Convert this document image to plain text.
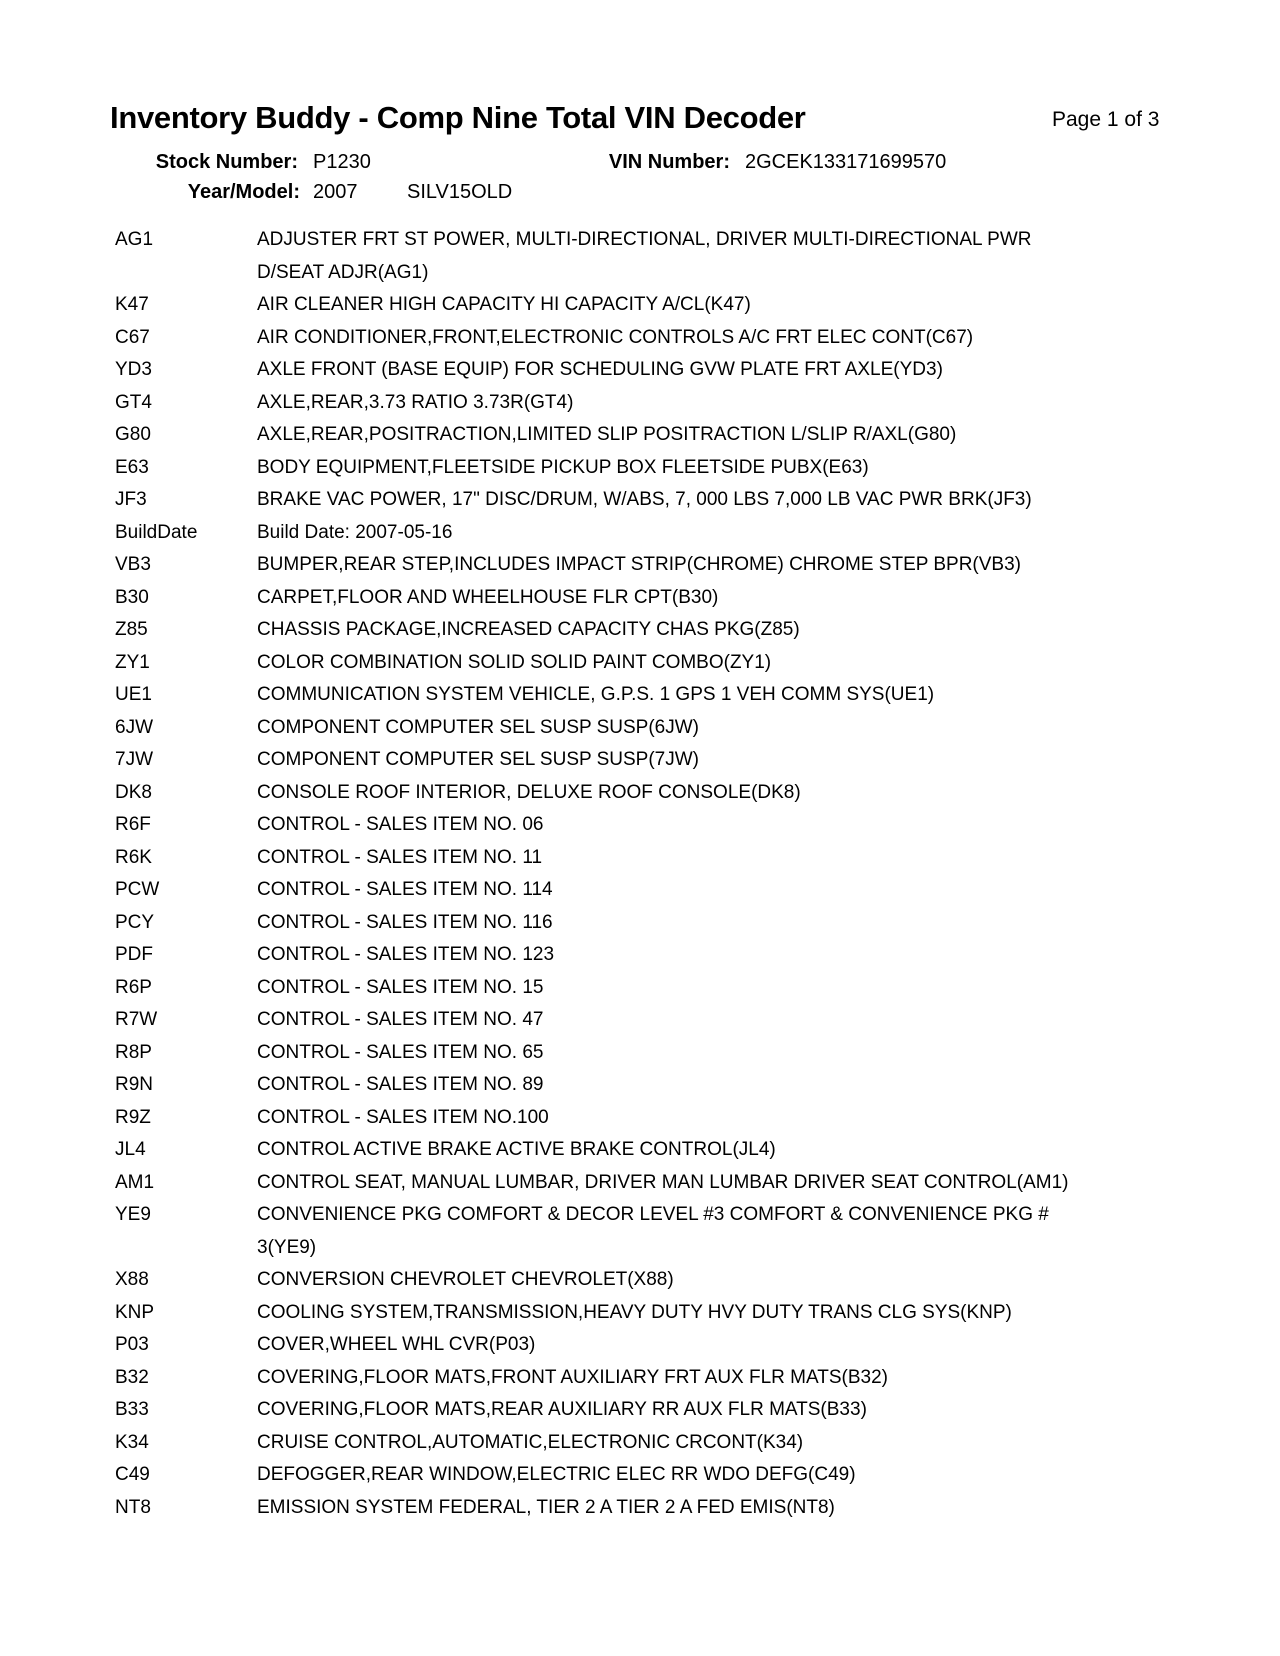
Inventory Buddy - Comp Nine Total VIN Decoder	Page 1 of 3
Stock Number: P1230	VIN Number: 2GCEK133171699570
Year/Model: 2007 SILV15OLD
AG1	ADJUSTER FRT ST POWER, MULTI-DIRECTIONAL, DRIVER MULTI-DIRECTIONAL PWR D/SEAT ADJR(AG1)
K47	AIR CLEANER HIGH CAPACITY HI CAPACITY A/CL(K47)
C67	AIR CONDITIONER,FRONT,ELECTRONIC CONTROLS A/C FRT ELEC CONT(C67)
YD3	AXLE FRONT (BASE EQUIP) FOR SCHEDULING GVW PLATE FRT AXLE(YD3)
GT4	AXLE,REAR,3.73 RATIO 3.73R(GT4)
G80	AXLE,REAR,POSITRACTION,LIMITED SLIP POSITRACTION L/SLIP R/AXL(G80)
E63	BODY EQUIPMENT,FLEETSIDE PICKUP BOX FLEETSIDE PUBX(E63)
JF3	BRAKE VAC POWER, 17" DISC/DRUM, W/ABS, 7, 000 LBS 7,000 LB VAC PWR BRK(JF3)
BuildDate	Build Date: 2007-05-16
VB3	BUMPER,REAR STEP,INCLUDES IMPACT STRIP(CHROME) CHROME STEP BPR(VB3)
B30	CARPET,FLOOR AND WHEELHOUSE FLR CPT(B30)
Z85	CHASSIS PACKAGE,INCREASED CAPACITY CHAS PKG(Z85)
ZY1	COLOR COMBINATION SOLID SOLID PAINT COMBO(ZY1)
UE1	COMMUNICATION SYSTEM VEHICLE, G.P.S. 1 GPS 1 VEH COMM SYS(UE1)
6JW	COMPONENT COMPUTER SEL SUSP SUSP(6JW)
7JW	COMPONENT COMPUTER SEL SUSP SUSP(7JW)
DK8	CONSOLE ROOF INTERIOR, DELUXE ROOF CONSOLE(DK8)
R6F	CONTROL - SALES ITEM NO. 06
R6K	CONTROL - SALES ITEM NO. 11
PCW	CONTROL - SALES ITEM NO. 114
PCY	CONTROL - SALES ITEM NO. 116
PDF	CONTROL - SALES ITEM NO. 123
R6P	CONTROL - SALES ITEM NO. 15
R7W	CONTROL - SALES ITEM NO. 47
R8P	CONTROL - SALES ITEM NO. 65
R9N	CONTROL - SALES ITEM NO. 89
R9Z	CONTROL - SALES ITEM NO.100
JL4	CONTROL ACTIVE BRAKE ACTIVE BRAKE CONTROL(JL4)
AM1	CONTROL SEAT, MANUAL LUMBAR, DRIVER MAN LUMBAR DRIVER SEAT CONTROL(AM1)
YE9	CONVENIENCE PKG COMFORT & DECOR LEVEL #3 COMFORT & CONVENIENCE PKG # 3(YE9)
X88	CONVERSION CHEVROLET CHEVROLET(X88)
KNP	COOLING SYSTEM,TRANSMISSION,HEAVY DUTY HVY DUTY TRANS CLG SYS(KNP)
P03	COVER,WHEEL WHL CVR(P03)
B32	COVERING,FLOOR MATS,FRONT AUXILIARY FRT AUX FLR MATS(B32)
B33	COVERING,FLOOR MATS,REAR AUXILIARY RR AUX FLR MATS(B33)
K34	CRUISE CONTROL,AUTOMATIC,ELECTRONIC CRCONT(K34)
C49	DEFOGGER,REAR WINDOW,ELECTRIC ELEC RR WDO DEFG(C49)
NT8	EMISSION SYSTEM FEDERAL, TIER 2 A TIER 2 A FED EMIS(NT8)
